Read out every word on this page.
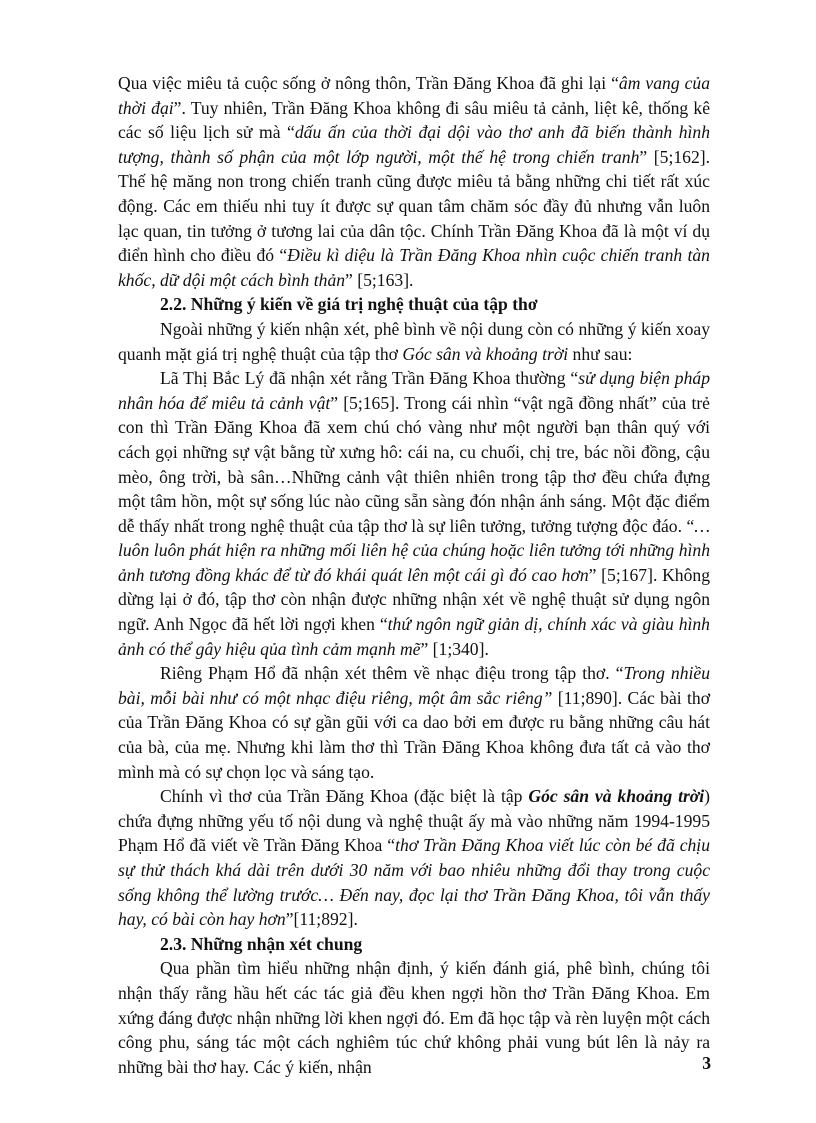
Qua việc miêu tả cuộc sống ở nông thôn, Trần Đăng Khoa đã ghi lại “âm vang của thời đại”. Tuy nhiên, Trần Đăng Khoa không đi sâu miêu tả cảnh, liệt kê, thống kê các số liệu lịch sử mà “dấu ấn của thời đại dội vào thơ anh đã biến thành hình tượng, thành số phận của một lớp người, một thế hệ trong chiến tranh” [5;162]. Thế hệ măng non trong chiến tranh cũng được miêu tả bằng những chi tiết rất xúc động. Các em thiếu nhi tuy ít được sự quan tâm chăm sóc đầy đủ nhưng vẫn luôn lạc quan, tin tưởng ở tương lai của dân tộc. Chính Trần Đăng Khoa đã là một ví dụ điển hình cho điều đó “Điều kì diệu là Trần Đăng Khoa nhìn cuộc chiến tranh tàn khốc, dữ dội một cách bình thản” [5;163].

2.2. Những ý kiến về giá trị nghệ thuật của tập thơ

Ngoài những ý kiến nhận xét, phê bình về nội dung còn có những ý kiến xoay quanh mặt giá trị nghệ thuật của tập thơ Góc sân và khoảng trời như sau:

Lã Thị Bắc Lý đã nhận xét rằng Trần Đăng Khoa thường “sử dụng biện pháp nhân hóa để miêu tả cảnh vật” [5;165]. Trong cái nhìn “vật ngã đồng nhất” của trẻ con thì Trần Đăng Khoa đã xem chú chó vàng như một người bạn thân quý với cách gọi những sự vật bằng từ xưng hô: cái na, cu chuối, chị tre, bác nồi đồng, cậu mèo, ông trời, bà sân…Những cảnh vật thiên nhiên trong tập thơ đều chứa đựng một tâm hồn, một sự sống lúc nào cũng sẵn sàng đón nhận ánh sáng. Một đặc điểm dễ thấy nhất trong nghệ thuật của tập thơ là sự liên tưởng, tưởng tượng độc đáo. “…luôn luôn phát hiện ra những mối liên hệ của chúng hoặc liên tưởng tới những hình ảnh tương đồng khác để từ đó khái quát lên một cái gì đó cao hơn” [5;167]. Không dừng lại ở đó, tập thơ còn nhận được những nhận xét về nghệ thuật sử dụng ngôn ngữ. Anh Ngọc đã hết lời ngợi khen “thứ ngôn ngữ giản dị, chính xác và giàu hình ảnh có thể gây hiệu qủa tình cảm mạnh mẽ” [1;340].

Riêng Phạm Hổ đã nhận xét thêm về nhạc điệu trong tập thơ. “Trong nhiều bài, mỗi bài như có một nhạc điệu riêng, một âm sắc riêng” [11;890]. Các bài thơ của Trần Đăng Khoa có sự gần gũi với ca dao bởi em được ru bằng những câu hát của bà, của mẹ. Nhưng khi làm thơ thì Trần Đăng Khoa không đưa tất cả vào thơ mình mà có sự chọn lọc và sáng tạo.

Chính vì thơ của Trần Đăng Khoa (đặc biệt là tập Góc sân và khoảng trời) chứa đựng những yếu tố nội dung và nghệ thuật ấy mà vào những năm 1994-1995 Phạm Hổ đã viết về Trần Đăng Khoa “thơ Trần Đăng Khoa viết lúc còn bé đã chịu sự thử thách khá dài trên dưới 30 năm với bao nhiêu những đổi thay trong cuộc sống không thể lường trước… Đến nay, đọc lại thơ Trần Đăng Khoa, tôi vẫn thấy hay, có bài còn hay hơn”[11;892].

2.3. Những nhận xét chung

Qua phần tìm hiểu những nhận định, ý kiến đánh giá, phê bình, chúng tôi nhận thấy rằng hầu hết các tác giả đều khen ngợi hồn thơ Trần Đăng Khoa. Em xứng đáng được nhận những lời khen ngợi đó. Em đã học tập và rèn luyện một cách công phu, sáng tác một cách nghiêm túc chứ không phải vung bút lên là nảy ra những bài thơ hay. Các ý kiến, nhận	3
